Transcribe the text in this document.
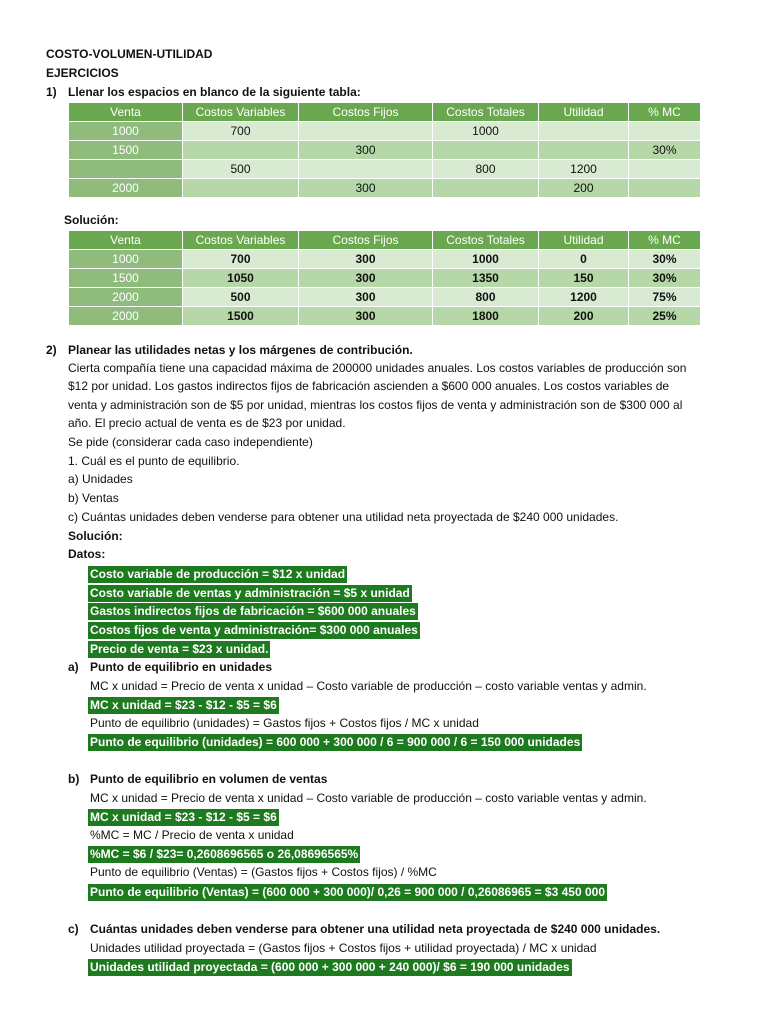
COSTO-VOLUMEN-UTILIDAD
EJERCICIOS
1) Llenar los espacios en blanco de la siguiente tabla:
Venta	Costos Variables	Costos Fijos	Costos Totales	Utilidad	% MC
1000	700		1000		
1500		300			30%
	500		800	1200	
2000		300		200	
Solución:
Venta	Costos Variables	Costos Fijos	Costos Totales	Utilidad	% MC
1000	700	300	1000	0	30%
1500	1050	300	1350	150	30%
2000	500	300	800	1200	75%
2000	1500	300	1800	200	25%
2) Planear las utilidades netas y los márgenes de contribución.
Cierta compañía tiene una capacidad máxima de 200000 unidades anuales. Los costos variables de producción son
$12 por unidad. Los gastos indirectos fijos de fabricación ascienden a $600 000 anuales. Los costos variables de
venta y administración son de $5 por unidad, mientras los costos fijos de venta y administración son de $300 000 al
año. El precio actual de venta es de $23 por unidad.
Se pide (considerar cada caso independiente)
1. Cuál es el punto de equilibrio.
a) Unidades
b) Ventas
c) Cuántas unidades deben venderse para obtener una utilidad neta proyectada de $240 000 unidades.
Solución:
Datos:
Costo variable de producción = $12 x unidad
Costo variable de ventas y administración = $5 x unidad
Gastos indirectos fijos de fabricación = $600 000 anuales
Costos fijos de venta y administración= $300 000 anuales
Precio de venta = $23 x unidad.
a) Punto de equilibrio en unidades
MC x unidad = Precio de venta x unidad – Costo variable de producción – costo variable ventas y admin.
MC x unidad = $23 - $12 - $5 = $6
Punto de equilibrio (unidades) = Gastos fijos + Costos fijos / MC x unidad
Punto de equilibrio (unidades) = 600 000 + 300 000 / 6 = 900 000 / 6 = 150 000 unidades
b) Punto de equilibrio en volumen de ventas
MC x unidad = Precio de venta x unidad – Costo variable de producción – costo variable ventas y admin.
MC x unidad = $23 - $12 - $5 = $6
%MC = MC / Precio de venta x unidad
%MC = $6 / $23= 0,2608696565 o 26,08696565%
Punto de equilibrio (Ventas) = (Gastos fijos + Costos fijos) / %MC
Punto de equilibrio (Ventas) = (600 000 + 300 000)/ 0,26 = 900 000 / 0,26086965 = $3 450 000
c) Cuántas unidades deben venderse para obtener una utilidad neta proyectada de $240 000 unidades.
Unidades utilidad proyectada = (Gastos fijos + Costos fijos + utilidad proyectada) / MC x unidad
Unidades utilidad proyectada = (600 000 + 300 000 + 240 000)/ $6 = 190 000 unidades
